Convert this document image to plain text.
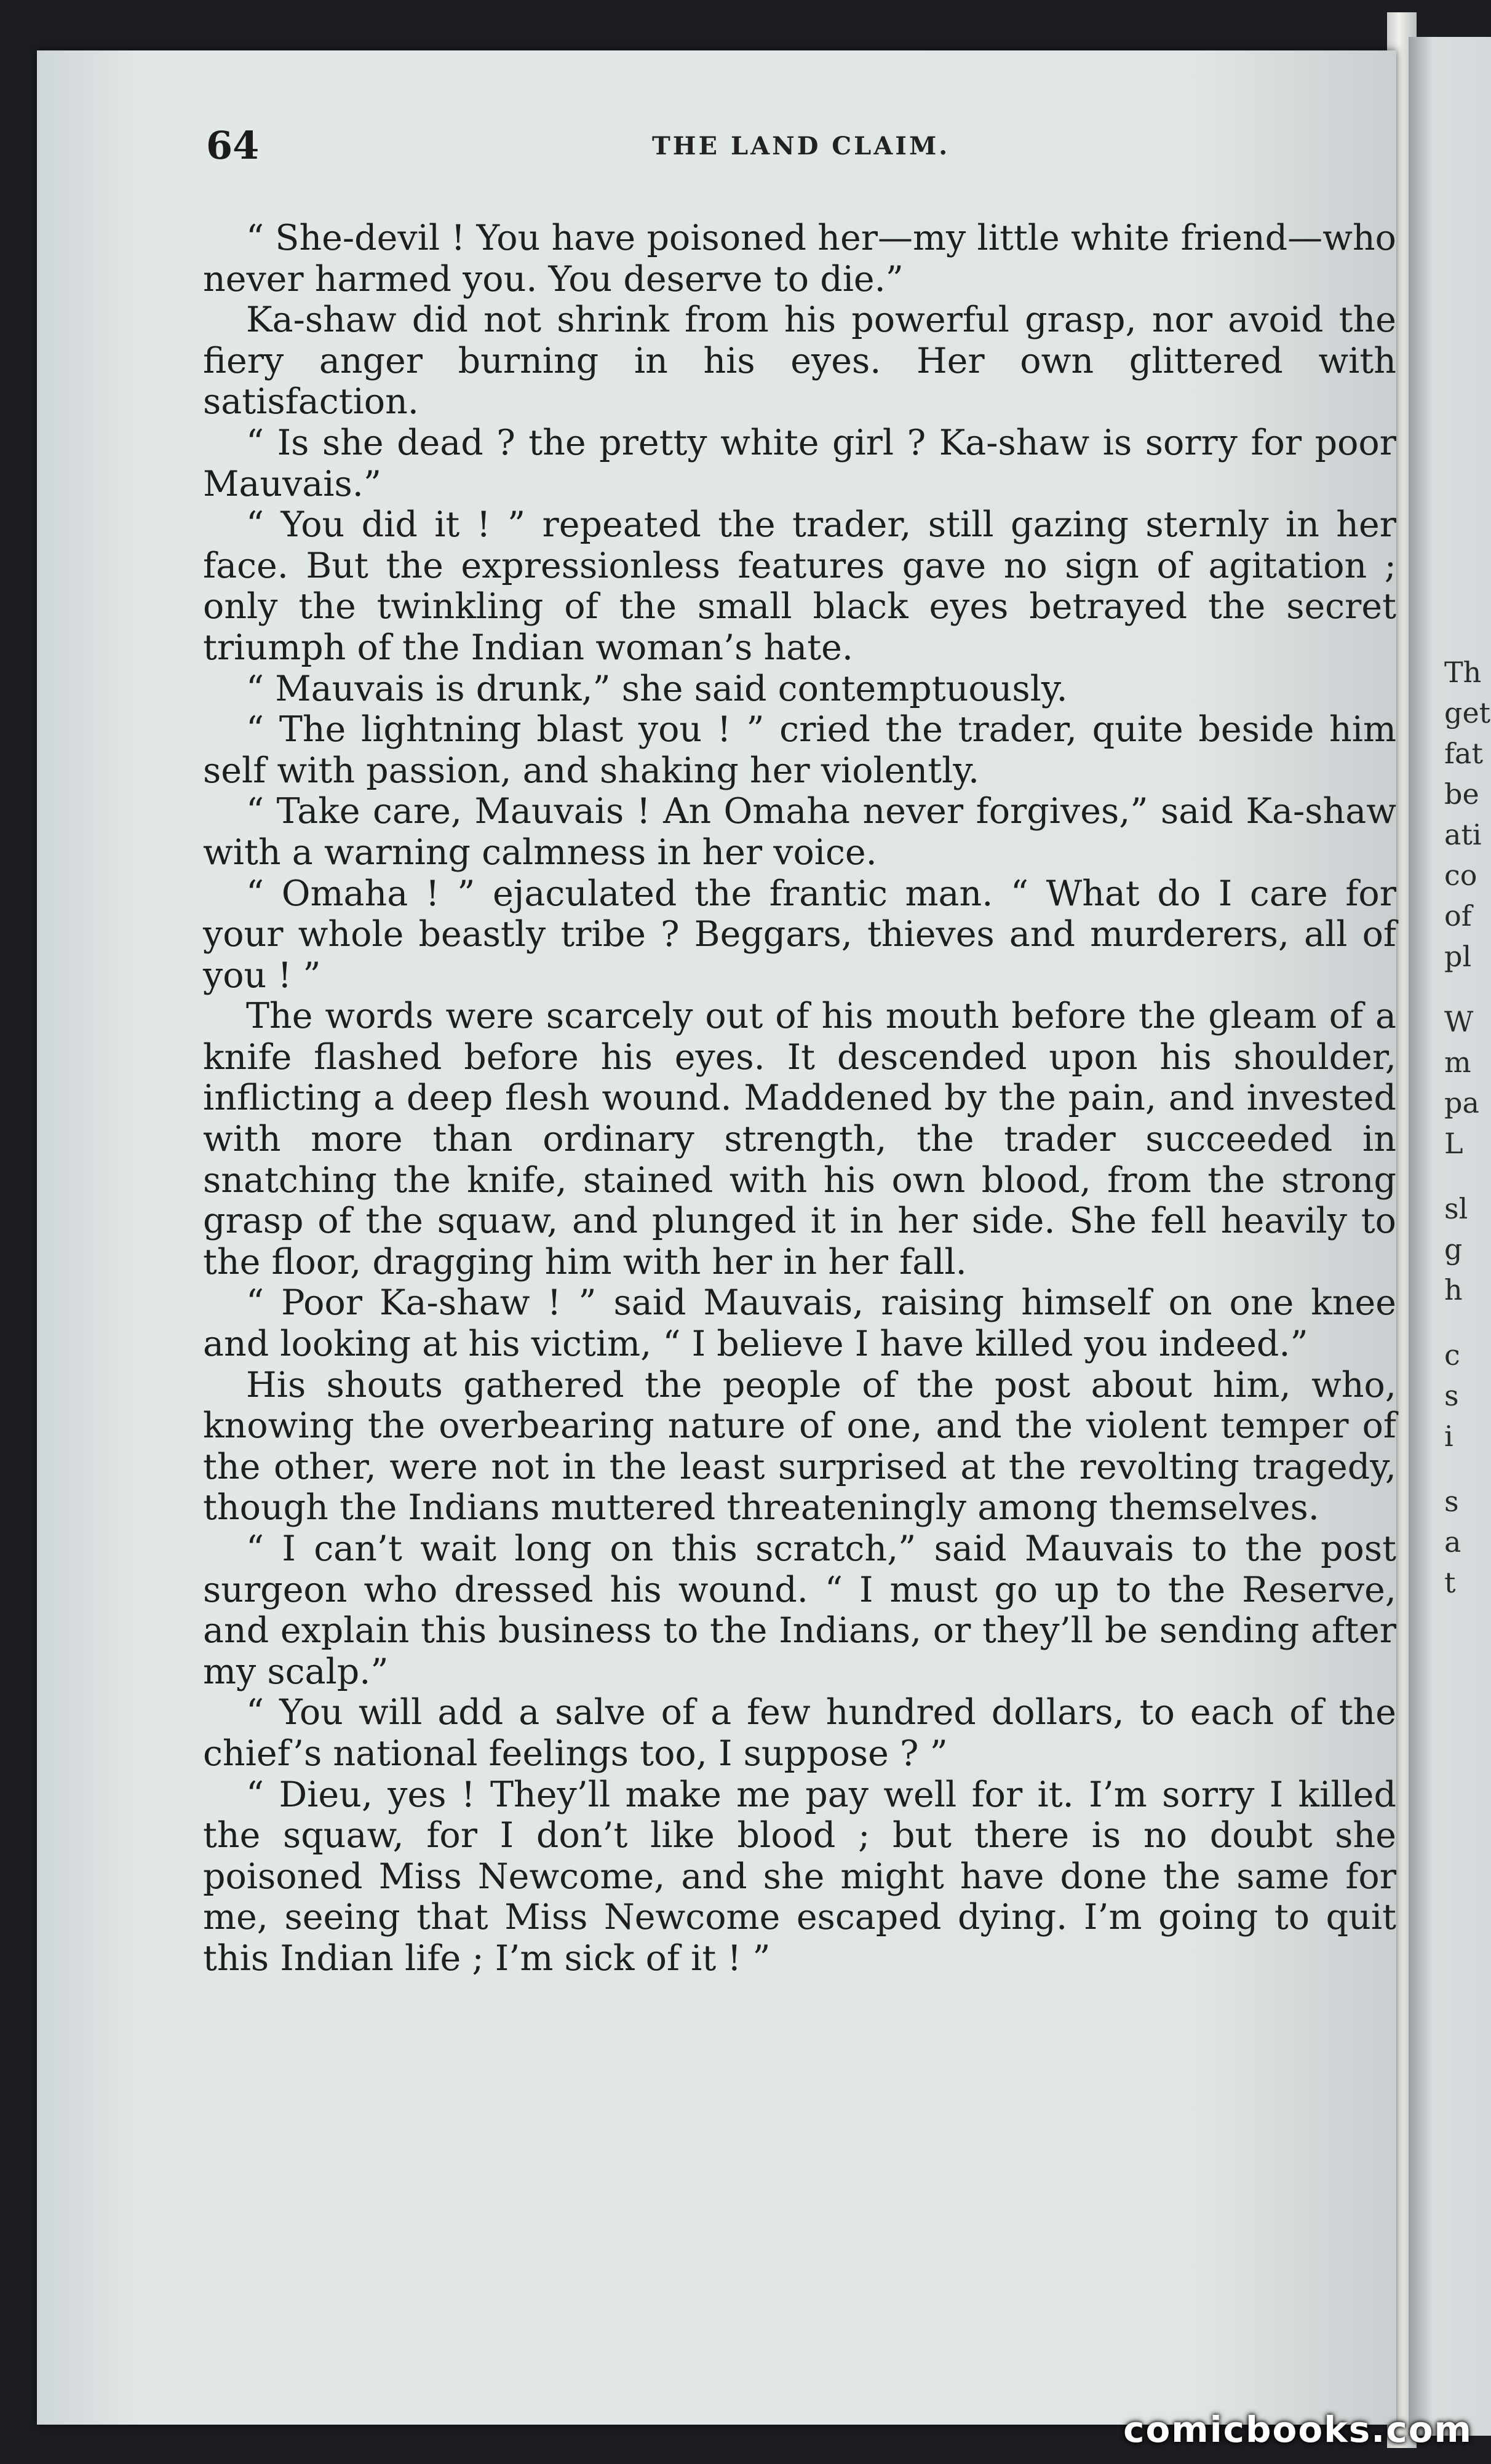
Th
get
fat
be
ati
co
of
pl
W
m
pa
L
sl
g
h
c
s
i
s
a
t
64	THE LAND CLAIM.

“ She-devil ! You have poisoned her—my little white friend—who never harmed you. You deserve to die.”

Ka-shaw did not shrink from his powerful grasp, nor avoid the fiery anger burning in his eyes. Her own glittered with satisfaction.

“ Is she dead ? the pretty white girl ? Ka-shaw is sorry for poor Mauvais.”

“ You did it ! ” repeated the trader, still gazing sternly in her face. But the expressionless features gave no sign of agitation ; only the twinkling of the small black eyes betrayed the secret triumph of the Indian woman’s hate.

“ Mauvais is drunk,” she said contemptuously.

“ The lightning blast you ! ” cried the trader, quite beside him self with passion, and shaking her violently.

“ Take care, Mauvais ! An Omaha never forgives,” said Ka-shaw with a warning calmness in her voice.

“ Omaha ! ” ejaculated the frantic man. “ What do I care for your whole beastly tribe ? Beggars, thieves and murderers, all of you ! ”

The words were scarcely out of his mouth before the gleam of a knife flashed before his eyes. It descended upon his shoulder, inflicting a deep flesh wound. Maddened by the pain, and invested with more than ordinary strength, the trader succeeded in snatching the knife, stained with his own blood, from the strong grasp of the squaw, and plunged it in her side. She fell heavily to the floor, dragging him with her in her fall.

“ Poor Ka-shaw ! ” said Mauvais, raising himself on one knee and looking at his victim, “ I believe I have killed you indeed.”

His shouts gathered the people of the post about him, who, knowing the overbearing nature of one, and the violent temper of the other, were not in the least surprised at the revolting tragedy, though the Indians muttered threateningly among themselves.

“ I can’t wait long on this scratch,” said Mauvais to the post surgeon who dressed his wound. “ I must go up to the Reserve, and explain this business to the Indians, or they’ll be sending after my scalp.”

“ You will add a salve of a few hundred dollars, to each of the chief’s national feelings too, I suppose ? ”

“ Dieu, yes ! They’ll make me pay well for it. I’m sorry I killed the squaw, for I don’t like blood ; but there is no doubt she poisoned Miss Newcome, and she might have done the same for me, seeing that Miss Newcome escaped dying. I’m going to quit this Indian life ; I’m sick of it ! ”

comicbooks.com
